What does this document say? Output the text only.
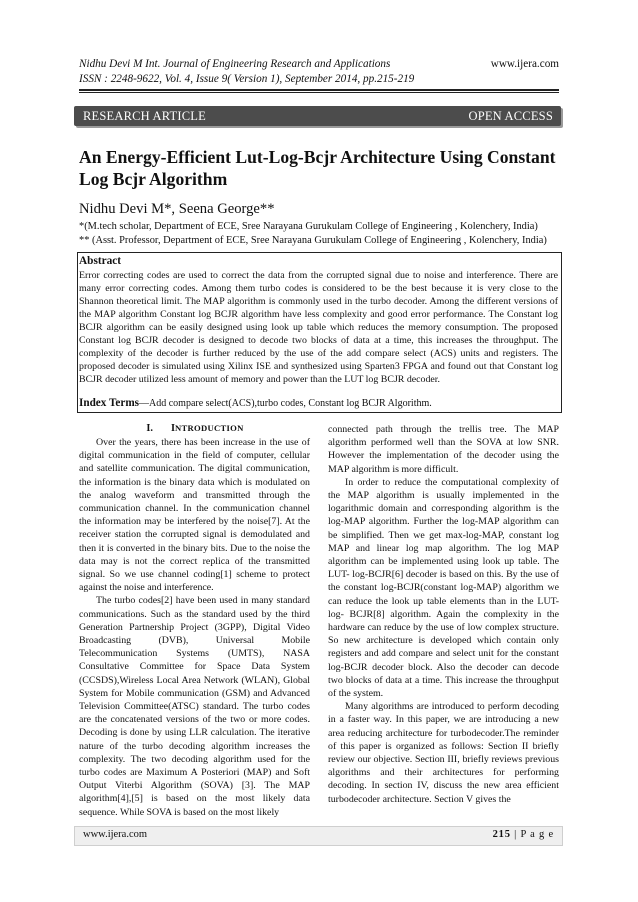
Nidhu Devi M Int. Journal of Engineering Research and Applications	www.ijera.com
ISSN : 2248-9622, Vol. 4, Issue 9( Version 1), September 2014, pp.215-219
RESEARCH ARTICLE	OPEN ACCESS
An Energy-Efficient Lut-Log-Bcjr Architecture Using Constant Log Bcjr Algorithm
Nidhu Devi M*, Seena George**
*(M.tech scholar, Department of ECE, Sree Narayana Gurukulam College of Engineering , Kolenchery, India)
** (Asst. Professor, Department of ECE, Sree Narayana Gurukulam College of Engineering , Kolenchery, India)
Abstract
Error correcting codes are used to correct the data from the corrupted signal due to noise and interference. There are many error correcting codes. Among them turbo codes is considered to be the best because it is very close to the Shannon theoretical limit. The MAP algorithm is commonly used in the turbo decoder. Among the different versions of the MAP algorithm Constant log BCJR algorithm have less complexity and good error performance. The Constant log BCJR algorithm can be easily designed using look up table which reduces the memory consumption. The proposed Constant log BCJR decoder is designed to decode two blocks of data at a time, this increases the throughput. The complexity of the decoder is further reduced by the use of the add compare select (ACS) units and registers. The proposed decoder is simulated using Xilinx ISE and synthesized using Sparten3 FPGA and found out that Constant log BCJR decoder utilized less amount of memory and power than the LUT log BCJR decoder.
Index Terms—Add compare select(ACS),turbo codes, Constant log BCJR Algorithm.
I. INTRODUCTION

Over the years, there has been increase in the use of digital communication in the field of computer, cellular and satellite communication. The digital communication, the information is the binary data which is modulated on the analog waveform and transmitted through the communication channel. In the communication channel the information may be interfered by the noise[7]. At the receiver station the corrupted signal is demodulated and then it is converted in the binary bits. Due to the noise the data may is not the correct replica of the transmitted signal. So we use channel coding[1] scheme to protect against the noise and interference.

The turbo codes[2] have been used in many standard communications. Such as the standard used by the third Generation Partnership Project (3GPP), Digital Video Broadcasting (DVB), Universal Mobile Telecommunication Systems (UMTS), NASA Consultative Committee for Space Data System (CCSDS),Wireless Local Area Network (WLAN), Global System for Mobile communication (GSM) and Advanced Television Committee(ATSC) standard. The turbo codes are the concatenated versions of the two or more codes. Decoding is done by using LLR calculation. The iterative nature of the turbo decoding algorithm increases the complexity. The two decoding algorithm used for the turbo codes are Maximum A Posteriori (MAP) and Soft Output Viterbi Algorithm (SOVA) [3]. The MAP algorithm[4],[5] is based on the most likely data sequence. While SOVA is based on the most likely

connected path through the trellis tree. The MAP algorithm performed well than the SOVA at low SNR. However the implementation of the decoder using the MAP algorithm is more difficult.

In order to reduce the computational complexity of the MAP algorithm is usually implemented in the logarithmic domain and corresponding algorithm is the log-MAP algorithm. Further the log-MAP algorithm can be simplified. Then we get max-log-MAP, constant log MAP and linear log map algorithm. The log MAP algorithm can be implemented using look up table. The LUT- log-BCJR[6] decoder is based on this. By the use of the constant log-BCJR(constant log-MAP) algorithm we can reduce the look up table elements than in the LUT- log- BCJR[8] algorithm. Again the complexity in the hardware can reduce by the use of low complex structure. So new architecture is developed which contain only registers and add compare and select unit for the constant log-BCJR decoder block. Also the decoder can decode two blocks of data at a time. This increase the throughput of the system.

Many algorithms are introduced to perform decoding in a faster way. In this paper, we are introducing a new area reducing architecture for turbodecoder.The reminder of this paper is organized as follows: Section II briefly review our objective. Section III, briefly reviews previous algorithms and their architectures for performing decoding. In section IV, discuss the new area efficient turbodecoder architecture. Section V gives the

www.ijera.com	215 | P a g e
